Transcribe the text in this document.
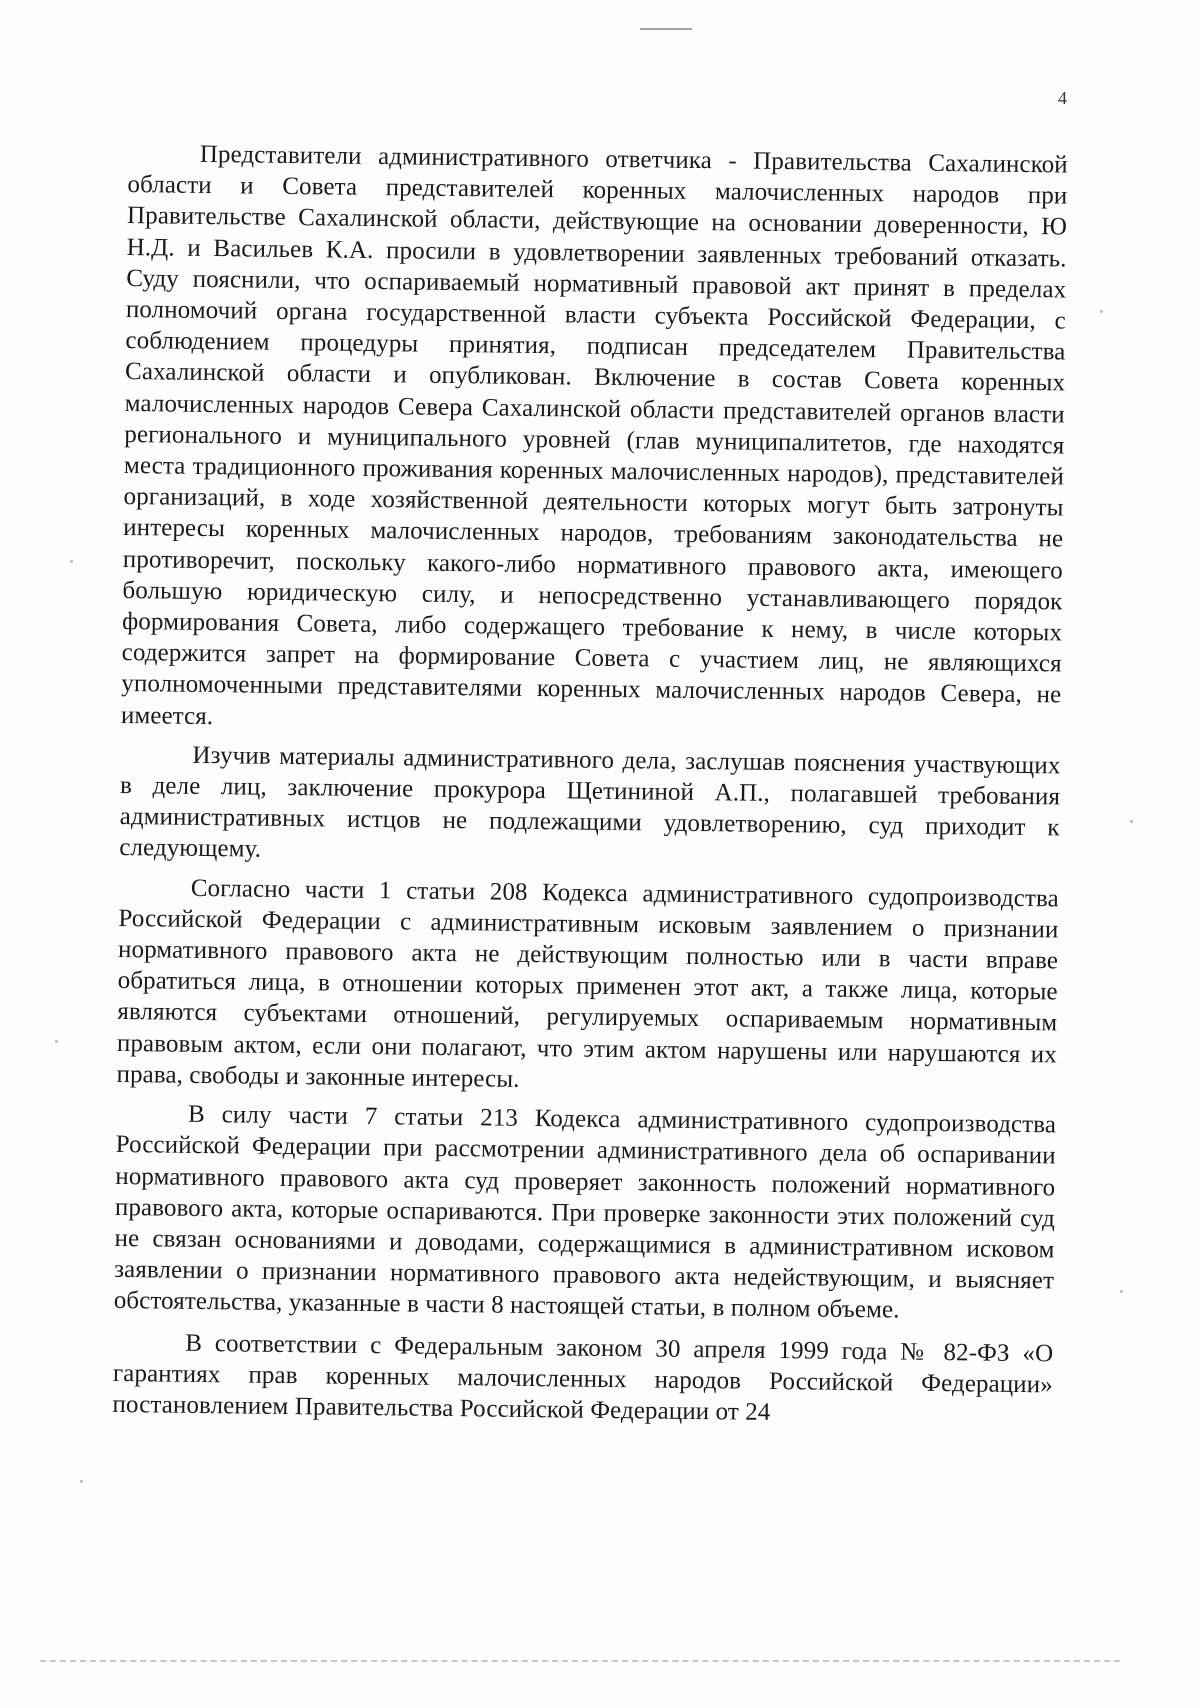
4

Представители административного ответчика - Правительства Сахалинской области и Совета представителей коренных малочисленных народов при Правительстве Сахалинской области, действующие на основании доверенности, Ю Н.Д. и Васильев К.А. просили в удовлетворении заявленных требований отказать. Суду пояснили, что оспариваемый нормативный правовой акт принят в пределах полномочий органа государственной власти субъекта Российской Федерации, с соблюдением процедуры принятия, подписан председателем Правительства Сахалинской области и опубликован. Включение в состав Совета коренных малочисленных народов Севера Сахалинской области представителей органов власти регионального и муниципального уровней (глав муниципалитетов, где находятся места традиционного проживания коренных малочисленных народов), представителей организаций, в ходе хозяйственной деятельности которых могут быть затронуты интересы коренных малочисленных народов, требованиям законодательства не противоречит, поскольку какого-либо нормативного правового акта, имеющего большую юридическую силу, и непосредственно устанавливающего порядок формирования Совета, либо содержащего требование к нему, в числе которых содержится запрет на формирование Совета с участием лиц, не являющихся уполномоченными представителями коренных малочисленных народов Севера, не имеется.

Изучив материалы административного дела, заслушав пояснения участвующих в деле лиц, заключение прокурора Щетининой А.П., полагавшей требования административных истцов не подлежащими удовлетворению, суд приходит к следующему.

Согласно части 1 статьи 208 Кодекса административного судопроизводства Российской Федерации с административным исковым заявлением о признании нормативного правового акта не действующим полностью или в части вправе обратиться лица, в отношении которых применен этот акт, а также лица, которые являются субъектами отношений, регулируемых оспариваемым нормативным правовым актом, если они полагают, что этим актом нарушены или нарушаются их права, свободы и законные интересы.

В силу части 7 статьи 213 Кодекса административного судопроизводства Российской Федерации при рассмотрении административного дела об оспаривании нормативного правового акта суд проверяет законность положений нормативного правового акта, которые оспариваются. При проверке законности этих положений суд не связан основаниями и доводами, содержащимися в административном исковом заявлении о признании нормативного правового акта недействующим, и выясняет обстоятельства, указанные в части 8 настоящей статьи, в полном объеме.

В соответствии с Федеральным законом 30 апреля 1999 года № 82-ФЗ «О гарантиях прав коренных малочисленных народов Российской Федерации» постановлением Правительства Российской Федерации от 24
